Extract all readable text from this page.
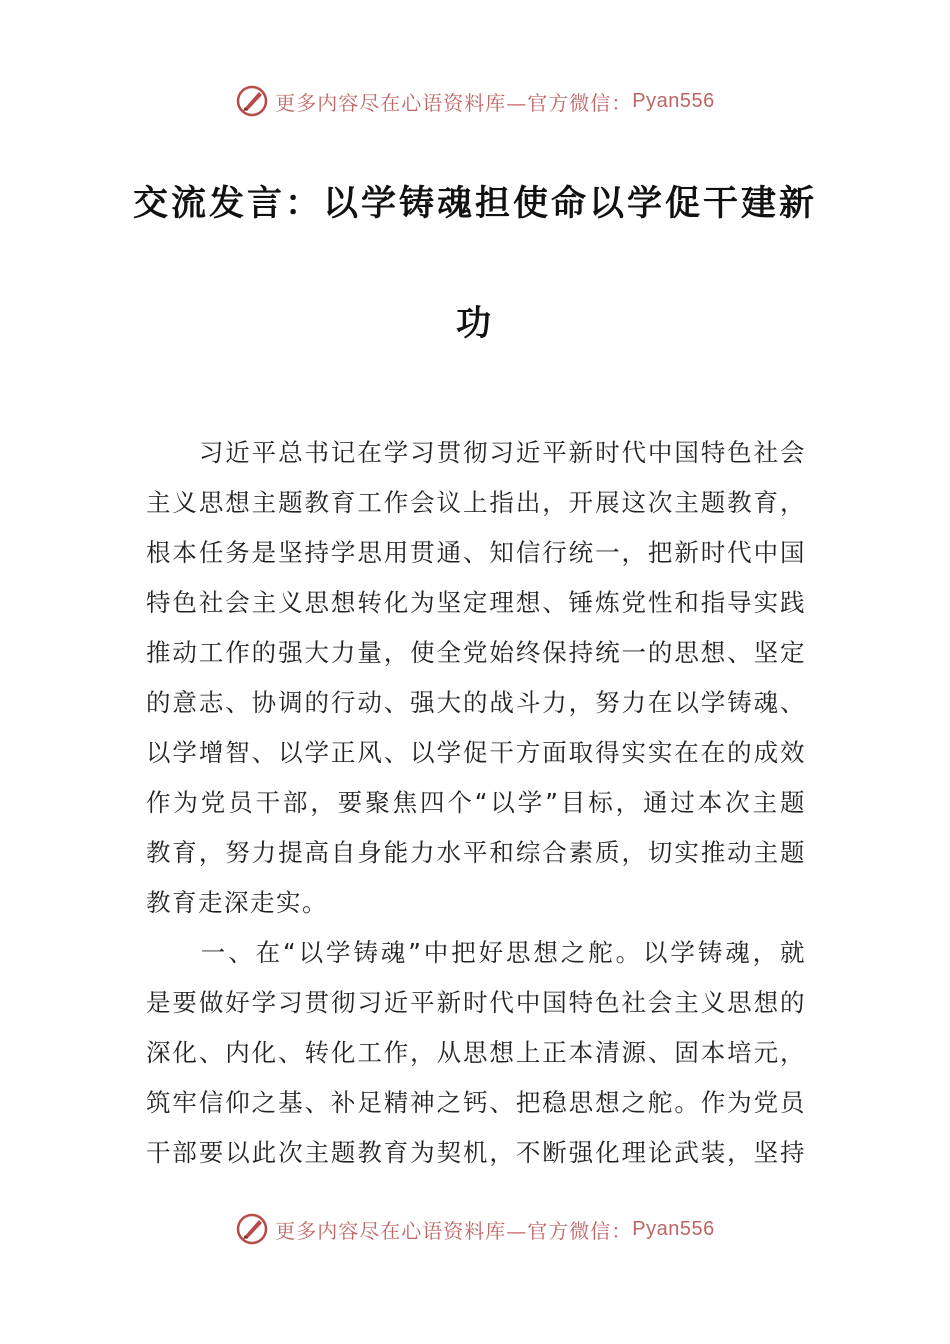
更多内容尽在心语资料库—官方微信： Pyan556
交流发言：以学铸魂担使命以学促干建新
功
　　习近平总书记在学习贯彻习近平新时代中国特色社会
主义思想主题教育工作会议上指出，开展这次主题教育，
根本任务是坚持学思用贯通、知信行统一，把新时代中国
特色社会主义思想转化为坚定理想、锤炼党性和指导实践
推动工作的强大力量，使全党始终保持统一的思想、坚定
的意志、协调的行动、强大的战斗力，努力在以学铸魂、
以学增智、以学正风、以学促干方面取得实实在在的成效
作为党员干部，要聚焦四个“以学”目标，通过本次主题
教育，努力提高自身能力水平和综合素质，切实推动主题
教育走深走实。
　　一、在“以学铸魂”中把好思想之舵。以学铸魂，就
是要做好学习贯彻习近平新时代中国特色社会主义思想的
深化、内化、转化工作，从思想上正本清源、固本培元，
筑牢信仰之基、补足精神之钙、把稳思想之舵。作为党员
干部要以此次主题教育为契机，不断强化理论武装，坚持
更多内容尽在心语资料库—官方微信： Pyan556
